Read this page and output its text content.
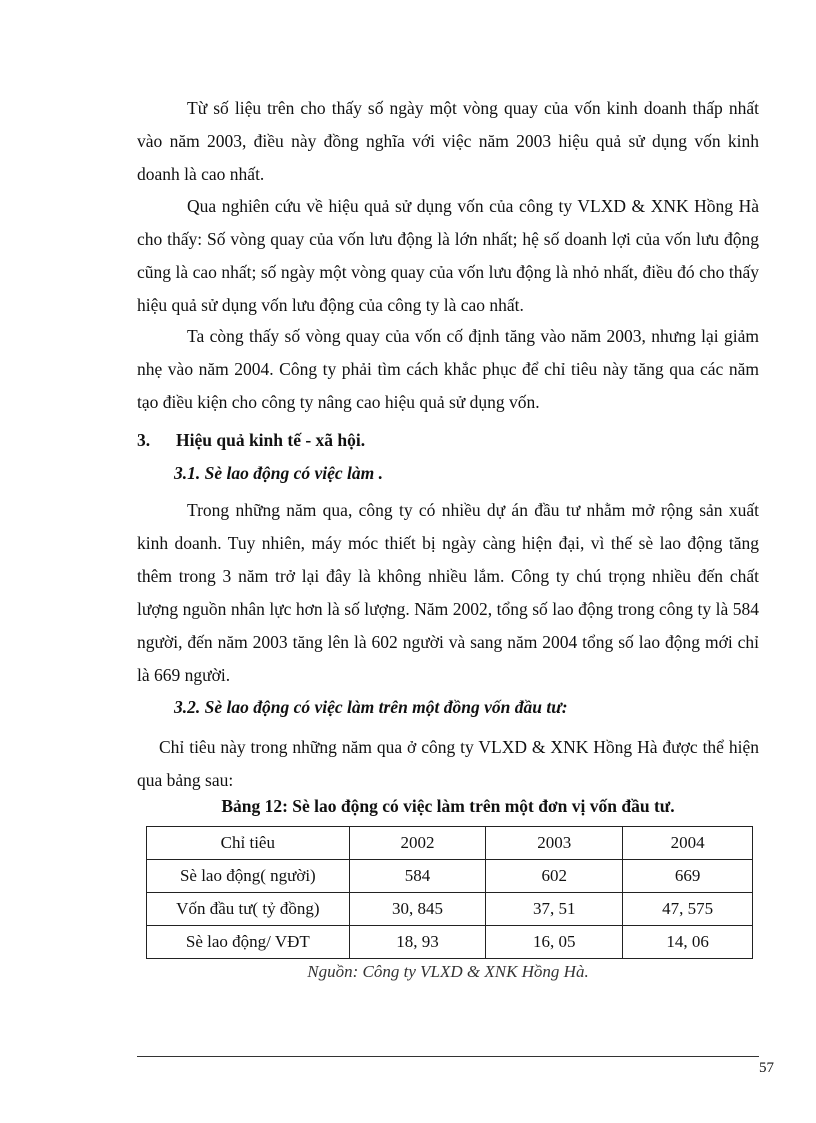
Từ số liệu trên cho thấy số ngày một vòng quay của vốn kinh doanh thấp nhất vào năm 2003, điều này đồng nghĩa với việc năm 2003 hiệu quả sử dụng vốn kinh doanh là cao nhất.

Qua nghiên cứu về hiệu quả sử dụng vốn của công ty VLXD & XNK Hồng Hà cho thấy: Số vòng quay của vốn lưu động là lớn nhất; hệ số doanh lợi của vốn lưu động cũng là cao nhất; số ngày một vòng quay của vốn lưu động là nhỏ nhất, điều đó cho thấy hiệu quả sử dụng vốn lưu động của công ty là cao nhất.

Ta còng thấy số vòng quay của vốn cố định tăng vào năm 2003, nhưng lại giảm nhẹ vào năm 2004. Công ty phải tìm cách khắc phục để chỉ tiêu này tăng qua các năm tạo điều kiện cho công ty nâng cao hiệu quả sử dụng vốn.

3. Hiệu quả kinh tế - xã hội.
3.1. Sè lao động có việc làm .

Trong những năm qua, công ty có nhiều dự án đầu tư nhằm mở rộng sản xuất kinh doanh. Tuy nhiên, máy móc thiết bị ngày càng hiện đại, vì thế sè lao động tăng thêm trong 3 năm trở lại đây là không nhiều lắm. Công ty chú trọng nhiều đến chất lượng nguồn nhân lực hơn là số lượng. Năm 2002, tổng số lao động trong công ty là 584 người, đến năm 2003 tăng lên là 602 người và sang năm 2004 tổng số lao động mới chỉ là 669 người.

3.2. Sè lao động có việc làm trên một đồng vốn đầu tư:

Chỉ tiêu này trong những năm qua ở công ty VLXD & XNK Hồng Hà được thể hiện qua bảng sau:

Bảng 12: Sè lao động có việc làm trên một đơn vị vốn đầu tư.
Chỉ tiêu	2002	2003	2004
Sè lao động( người)	584	602	669
Vốn đầu tư( tỷ đồng)	30, 845	37, 51	47, 575
Sè lao động/ VĐT	18, 93	16, 05	14, 06
Nguồn: Công ty VLXD & XNK Hồng Hà.
57
